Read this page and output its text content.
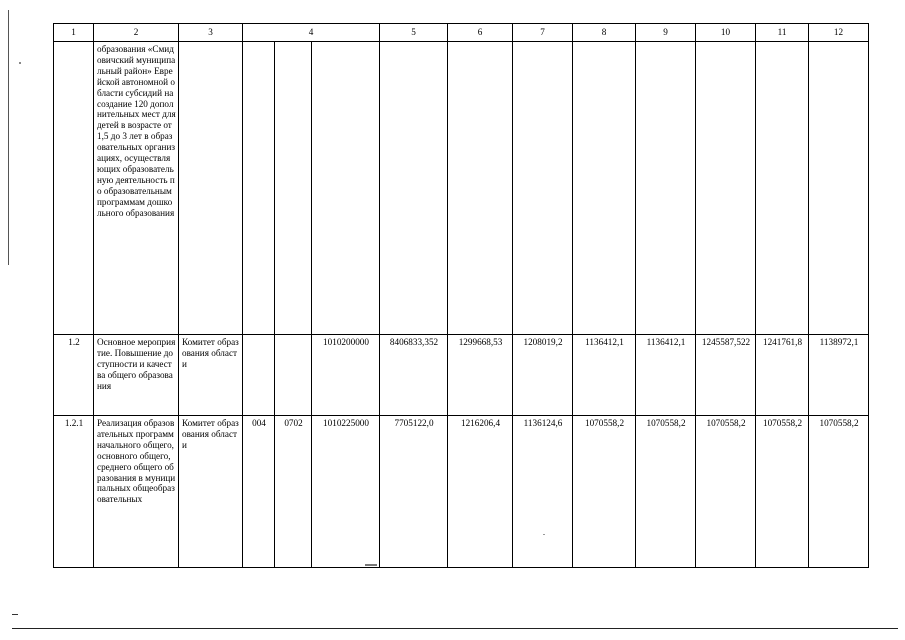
1	2	3	4			5	6	7	8	9	10	11	12
	образования «Смидовичский муниципальный район» Еврейской автономной области субсидий на создание 120 дополнительных мест для детей в возрасте от 1,5 до 3 лет в образовательных организациях, осуществляющих образовательную деятельность по образовательным программам дошкольного образования												
1.2	Основное мероприятие. Повышение доступности и качества общего образования	Комитет образования области			1010200000	8406833,352	1299668,53	1208019,2	1136412,1	1136412,1	1245587,522	1241761,8	1138972,1
1.2.1	Реализация образовательных программ начального общего, основного общего, среднего общего образования в муниципальных общеобразовательных	Комитет образования области	004	0702	1010225000	7705122,0	1216206,4	1136124,6	1070558,2	1070558,2	1070558,2	1070558,2	1070558,2
